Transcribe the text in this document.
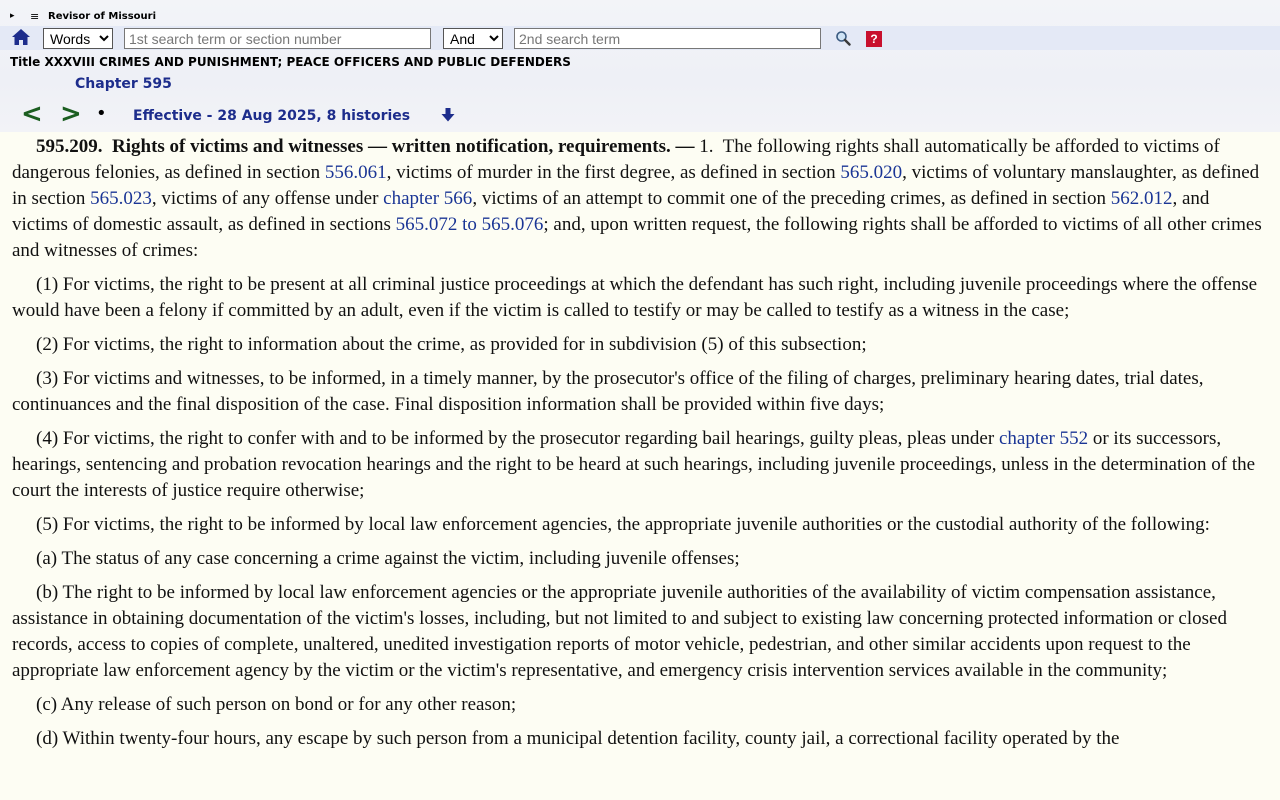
▸	≡ Revisor of Missouri
Words
1st search term or section number
And
2nd search term
?
Title XXXVIII CRIMES AND PUNISHMENT; PEACE OFFICERS AND PUBLIC DEFENDERS
Chapter 595
< > • Effective - 28 Aug 2025, 8 histories

595.209. Rights of victims and witnesses — written notification, requirements. — 1. The following rights shall automatically be afforded to victims of dangerous felonies, as defined in section 556.061, victims of murder in the first degree, as defined in section 565.020, victims of voluntary manslaughter, as defined in section 565.023, victims of any offense under chapter 566, victims of an attempt to commit one of the preceding crimes, as defined in section 562.012, and victims of domestic assault, as defined in sections 565.072 to 565.076; and, upon written request, the following rights shall be afforded to victims of all other crimes and witnesses of crimes:

(1) For victims, the right to be present at all criminal justice proceedings at which the defendant has such right, including juvenile proceedings where the offense would have been a felony if committed by an adult, even if the victim is called to testify or may be called to testify as a witness in the case;

(2) For victims, the right to information about the crime, as provided for in subdivision (5) of this subsection;

(3) For victims and witnesses, to be informed, in a timely manner, by the prosecutor's office of the filing of charges, preliminary hearing dates, trial dates, continuances and the final disposition of the case. Final disposition information shall be provided within five days;

(4) For victims, the right to confer with and to be informed by the prosecutor regarding bail hearings, guilty pleas, pleas under chapter 552 or its successors, hearings, sentencing and probation revocation hearings and the right to be heard at such hearings, including juvenile proceedings, unless in the determination of the court the interests of justice require otherwise;

(5) For victims, the right to be informed by local law enforcement agencies, the appropriate juvenile authorities or the custodial authority of the following:

(a) The status of any case concerning a crime against the victim, including juvenile offenses;

(b) The right to be informed by local law enforcement agencies or the appropriate juvenile authorities of the availability of victim compensation assistance, assistance in obtaining documentation of the victim's losses, including, but not limited to and subject to existing law concerning protected information or closed records, access to copies of complete, unaltered, unedited investigation reports of motor vehicle, pedestrian, and other similar accidents upon request to the appropriate law enforcement agency by the victim or the victim's representative, and emergency crisis intervention services available in the community;

(c) Any release of such person on bond or for any other reason;

(d) Within twenty-four hours, any escape by such person from a municipal detention facility, county jail, a correctional facility operated by the
